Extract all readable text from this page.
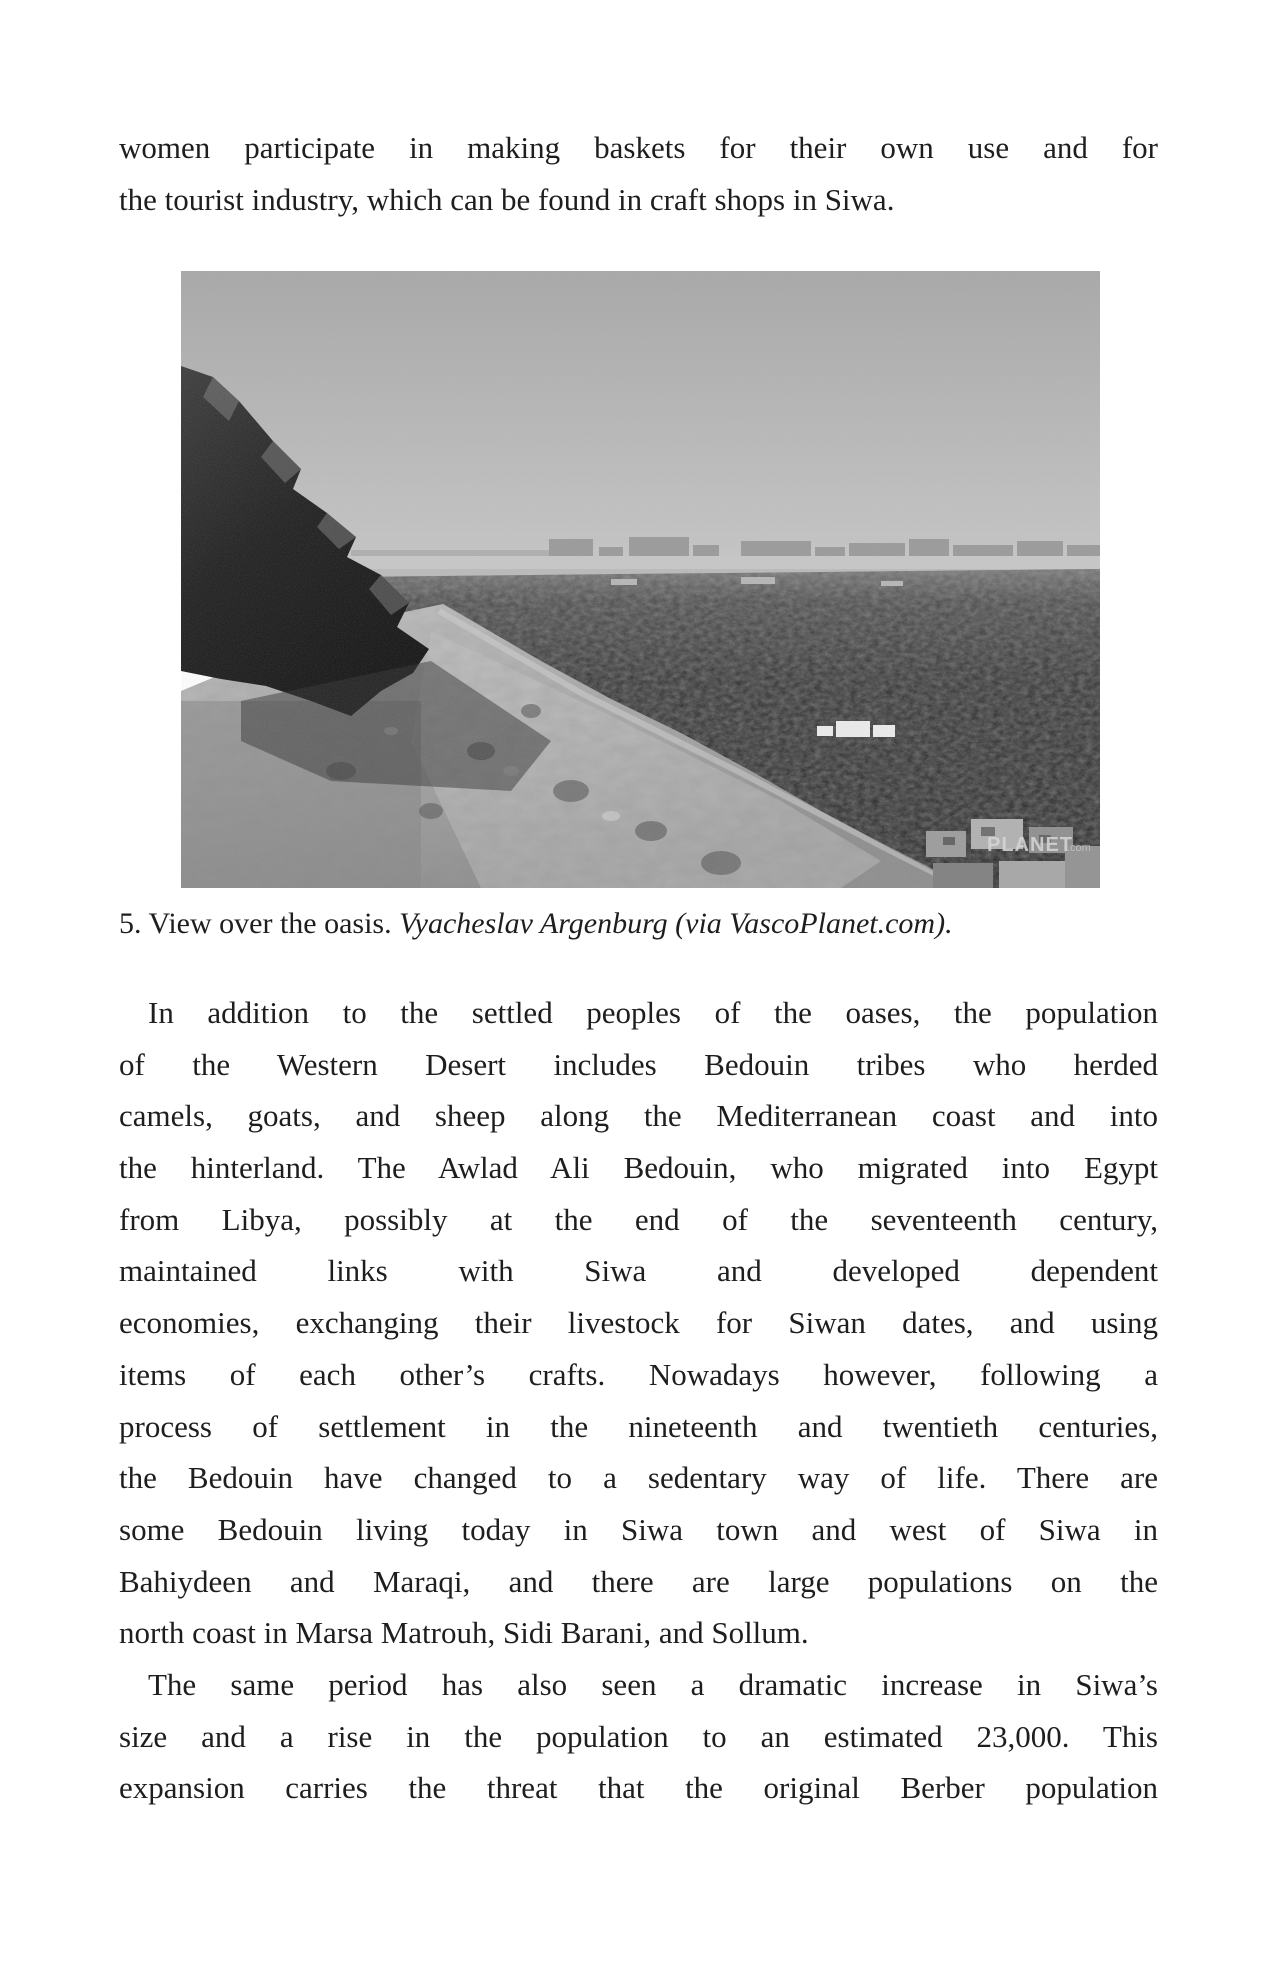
women participate in making baskets for their own use and for
the tourist industry, which can be found in craft shops in Siwa.
5. View over the oasis. Vyacheslav Argenburg (via VascoPlanet.com).
In addition to the settled peoples of the oases, the population
of the Western Desert includes Bedouin tribes who herded
camels, goats, and sheep along the Mediterranean coast and into
the hinterland. The Awlad Ali Bedouin, who migrated into Egypt
from Libya, possibly at the end of the seventeenth century,
maintained links with Siwa and developed dependent
economies, exchanging their livestock for Siwan dates, and using
items of each other’s crafts. Nowadays however, following a
process of settlement in the nineteenth and twentieth centuries,
the Bedouin have changed to a sedentary way of life. There are
some Bedouin living today in Siwa town and west of Siwa in
Bahiydeen and Maraqi, and there are large populations on the
north coast in Marsa Matrouh, Sidi Barani, and Sollum.
The same period has also seen a dramatic increase in Siwa’s
size and a rise in the population to an estimated 23,000. This
expansion carries the threat that the original Berber population
